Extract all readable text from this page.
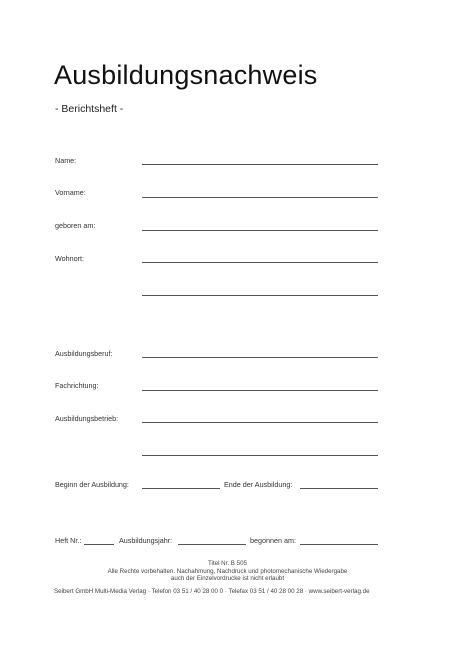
Ausbildungsnachweis
- Berichtsheft -
Name:
Vorname:
geboren am:
Wohnort:
Ausbildungsberuf:
Fachrichtung:
Ausbildungsbetrieb:
Beginn der Ausbildung:	Ende der Ausbildung:
Heft Nr.:	Ausbildungsjahr:	begonnen am:
Titel Nr. B 505
Alle Rechte vorbehalten. Nachahmung, Nachdruck und photomechanische Wiedergabe
auch der Einzelvordrucke ist nicht erlaubt
Seibert GmbH Multi-Media Verlag · Telefon 03 51 / 40 28 00 0 · Telefax 03 51 / 40 28 00 28 · www.seibert-verlag.de
